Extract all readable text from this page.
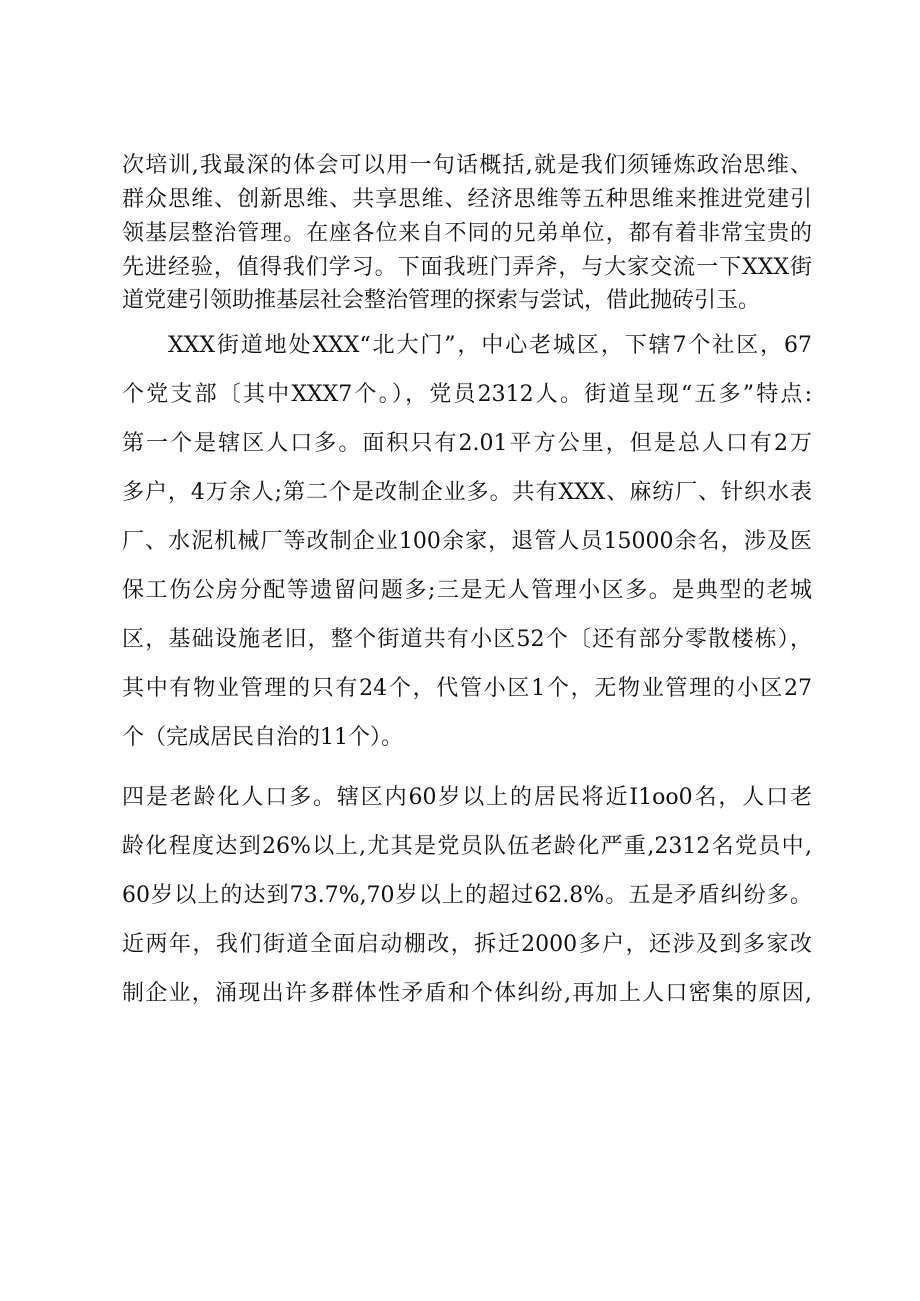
次培训,我最深的体会可以用一句话概括,就是我们须锤炼政治思维、
群众思维、创新思维、共享思维、经济思维等五种思维来推进党建引
领基层整治管理。在座各位来自不同的兄弟单位，都有着非常宝贵的
先进经验，值得我们学习。下面我班门弄斧，与大家交流一下XXX街
道党建引领助推基层社会整治管理的探索与尝试，借此抛砖引玉。
XXX街道地处XXX“北大门”，中心老城区，下辖7个社区，67
个党支部〔其中XXX7个。），党员2312人。街道呈现“五多”特点:
第一个是辖区人口多。面积只有2.01平方公里，但是总人口有2万
多户，4万余人;第二个是改制企业多。共有XXX、麻纺厂、针织水表
厂、水泥机械厂等改制企业100余家，退管人员15000余名，涉及医
保工伤公房分配等遗留问题多;三是无人管理小区多。是典型的老城
区，基础设施老旧，整个街道共有小区52个〔还有部分零散楼栋），
其中有物业管理的只有24个，代管小区1个，无物业管理的小区27
个（完成居民自治的11个）。
四是老龄化人口多。辖区内60岁以上的居民将近I1oo0名，人口老
龄化程度达到26%以上,尤其是党员队伍老龄化严重,2312名党员中,
60岁以上的达到73.7%,70岁以上的超过62.8%。五是矛盾纠纷多。
近两年，我们街道全面启动棚改，拆迁2000多户，还涉及到多家改
制企业，涌现出许多群体性矛盾和个体纠纷,再加上人口密集的原因,
